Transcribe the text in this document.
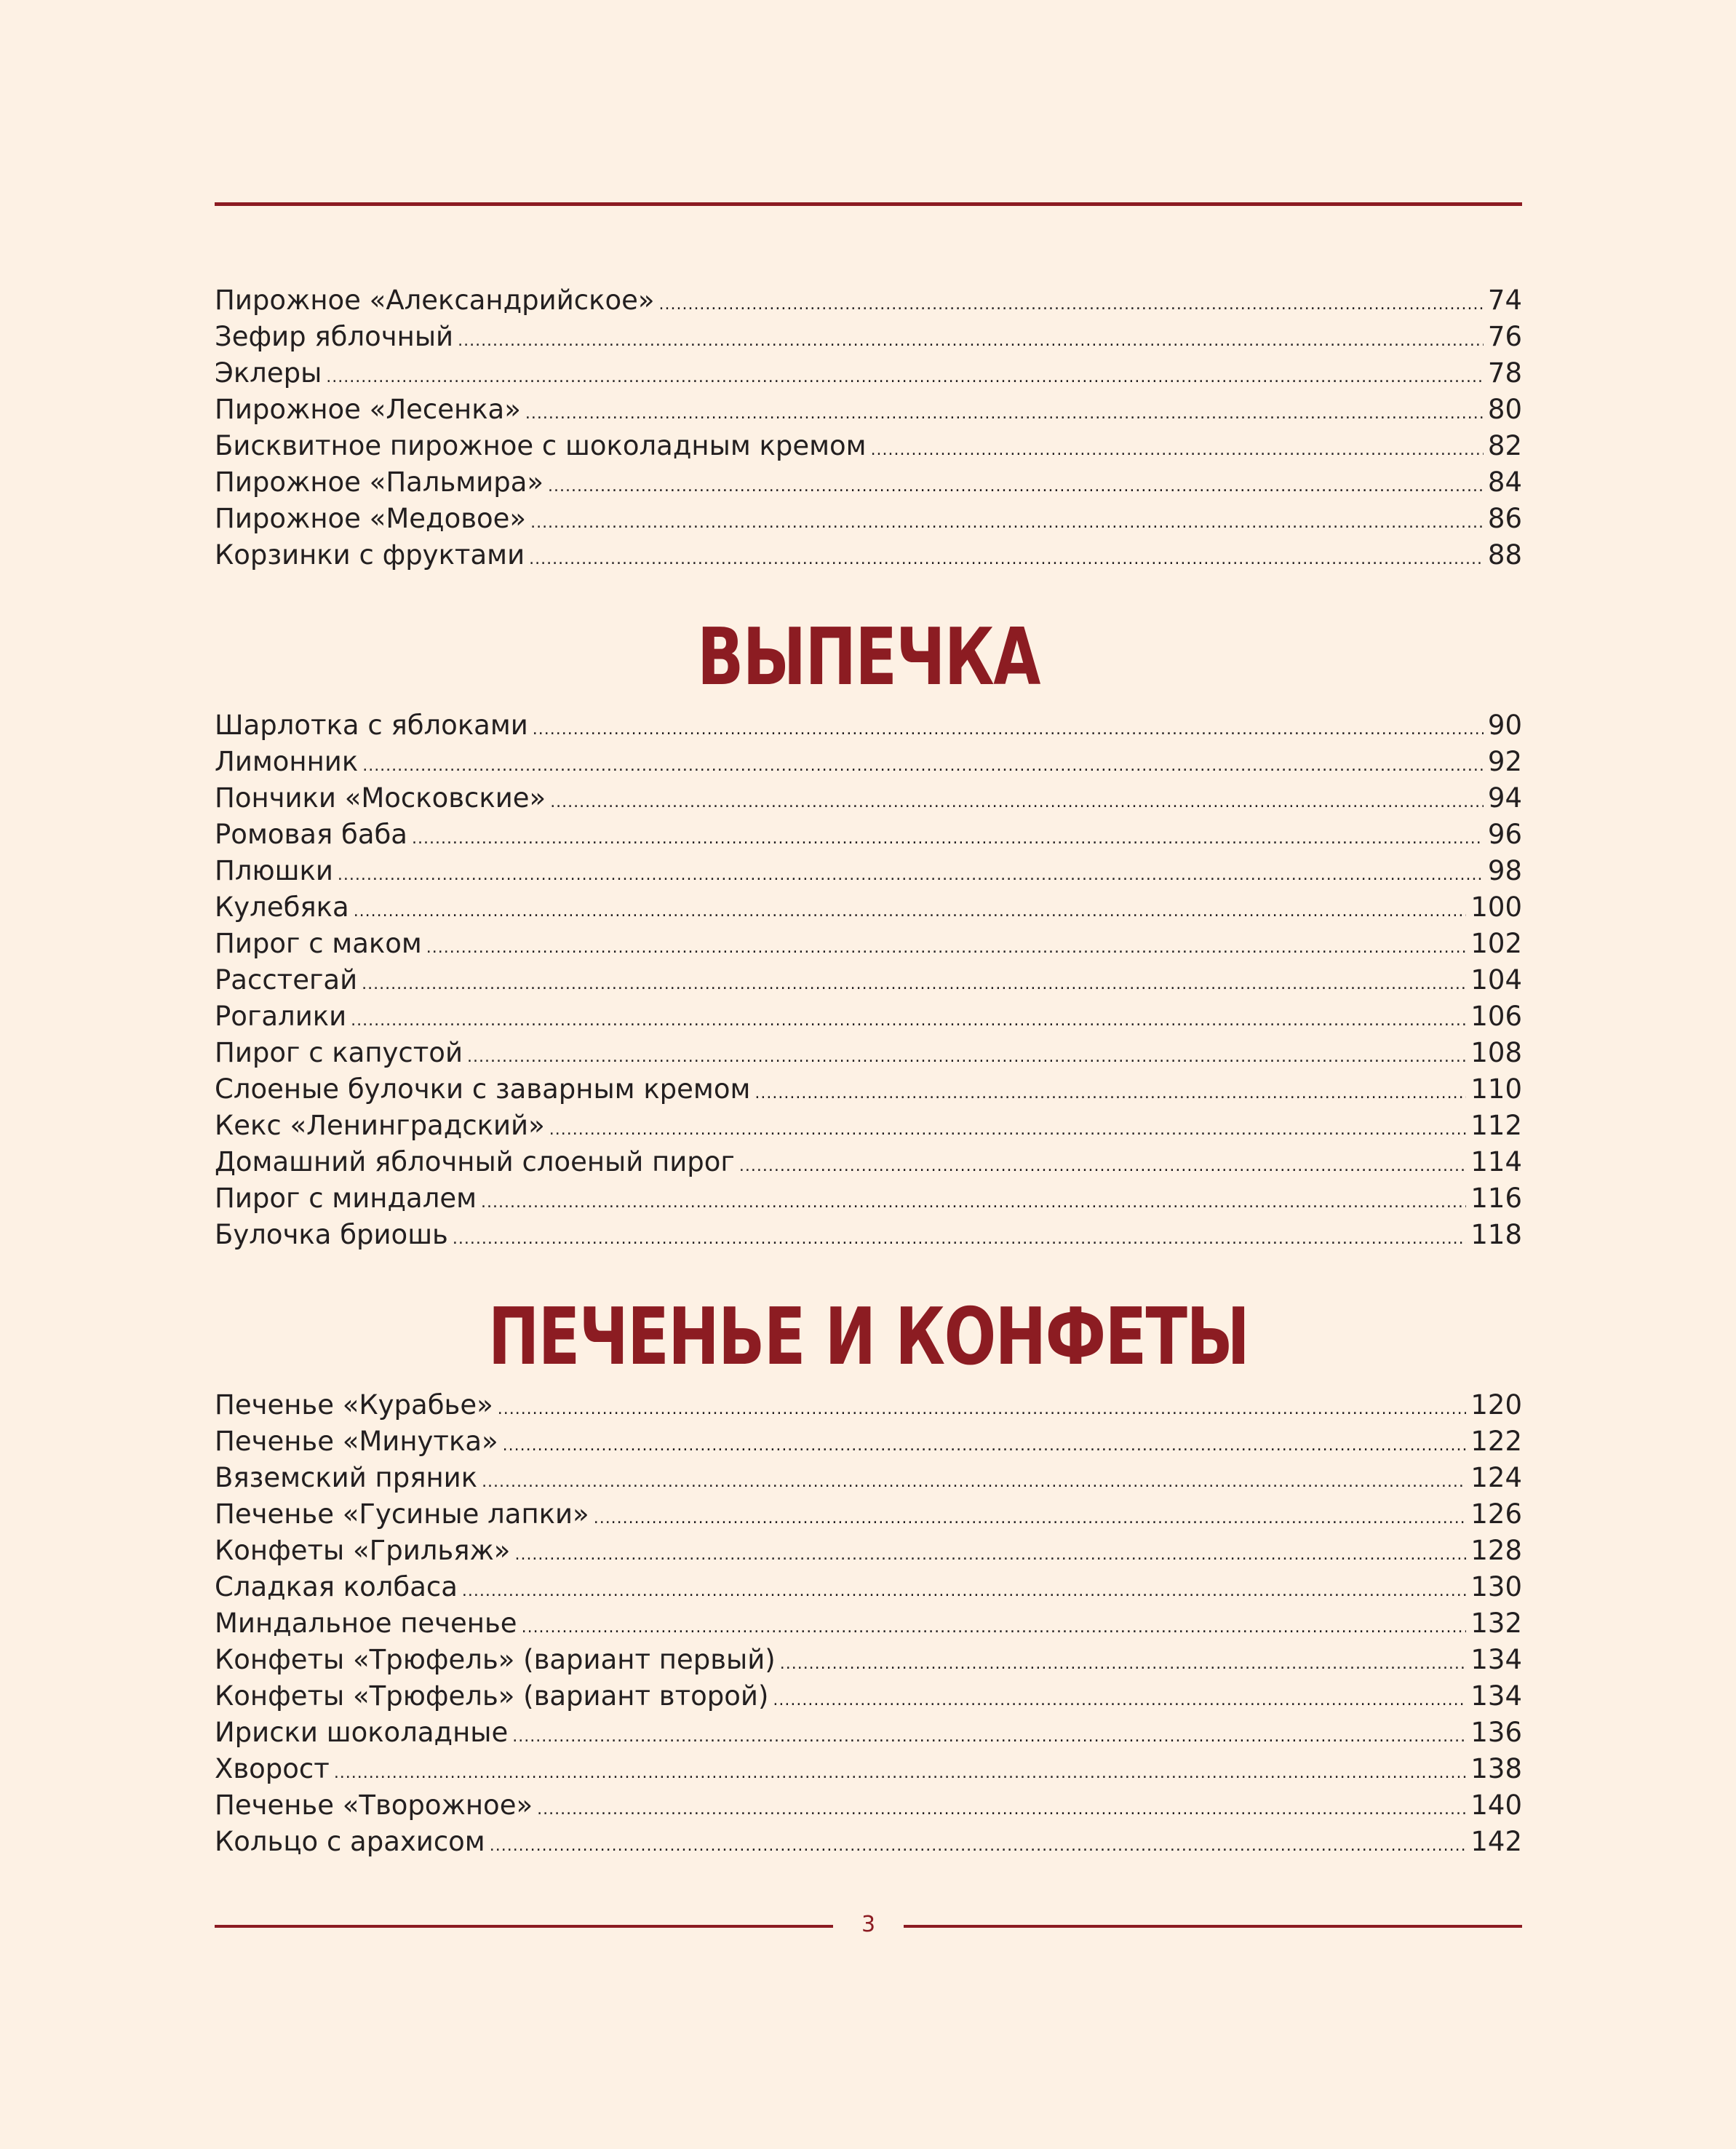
Пирожное «Александрийское» .....	74
Зефир яблочный .....	76
Эклеры .....	78
Пирожное «Лесенка» .....	80
Бисквитное пирожное с шоколадным кремом .....	82
Пирожное «Пальмира» .....	84
Пирожное «Медовое» .....	86
Корзинки с фруктами .....	88
ВЫПЕЧКА
Шарлотка с яблоками .....	90
Лимонник .....	92
Пончики «Московские» .....	94
Ромовая баба .....	96
Плюшки .....	98
Кулебяка .....	100
Пирог с маком .....	102
Расстегай .....	104
Рогалики .....	106
Пирог с капустой .....	108
Слоеные булочки с заварным кремом .....	110
Кекс «Ленинградский» .....	112
Домашний яблочный слоеный пирог .....	114
Пирог с миндалем .....	116
Булочка бриошь .....	118
ПЕЧЕНЬЕ И КОНФЕТЫ
Печенье «Курабье» .....	120
Печенье «Минутка» .....	122
Вяземский пряник .....	124
Печенье «Гусиные лапки» .....	126
Конфеты «Грильяж» .....	128
Сладкая колбаса .....	130
Миндальное печенье .....	132
Конфеты «Трюфель» (вариант первый) .....	134
Конфеты «Трюфель» (вариант второй) .....	134
Ириски шоколадные .....	136
Хворост .....	138
Печенье «Творожное» .....	140
Кольцо с арахисом .....	142
3
